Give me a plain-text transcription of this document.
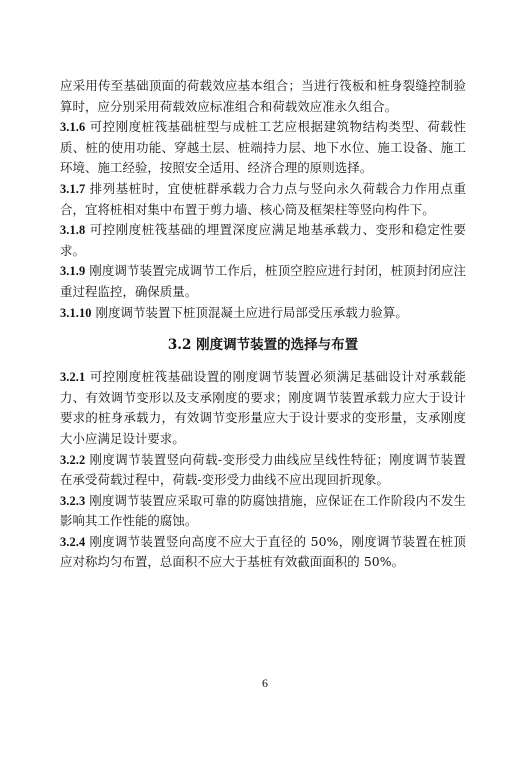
应采用传至基础顶面的荷载效应基本组合；当进行筏板和桩身裂缝控制验算时，应分别采用荷载效应标准组合和荷载效应准永久组合。

3.1.6 可控刚度桩筏基础桩型与成桩工艺应根据建筑物结构类型、荷载性质、桩的使用功能、穿越土层、桩端持力层、地下水位、施工设备、施工环境、施工经验，按照安全适用、经济合理的原则选择。

3.1.7 排列基桩时，宜使桩群承载力合力点与竖向永久荷载合力作用点重合，宜将桩相对集中布置于剪力墙、核心筒及框架柱等竖向构件下。

3.1.8 可控刚度桩筏基础的埋置深度应满足地基承载力、变形和稳定性要求。

3.1.9 刚度调节装置完成调节工作后，桩顶空腔应进行封闭，桩顶封闭应注重过程监控，确保质量。

3.1.10 刚度调节装置下桩顶混凝土应进行局部受压承载力验算。

3.2 刚度调节装置的选择与布置

3.2.1 可控刚度桩筏基础设置的刚度调节装置必须满足基础设计对承载能力、有效调节变形以及支承刚度的要求；刚度调节装置承载力应大于设计要求的桩身承载力，有效调节变形量应大于设计要求的变形量，支承刚度大小应满足设计要求。

3.2.2 刚度调节装置竖向荷载-变形受力曲线应呈线性特征；刚度调节装置在承受荷载过程中，荷载-变形受力曲线不应出现回折现象。

3.2.3 刚度调节装置应采取可靠的防腐蚀措施，应保证在工作阶段内不发生影响其工作性能的腐蚀。

3.2.4 刚度调节装置竖向高度不应大于直径的 50%，刚度调节装置在桩顶应对称均匀布置，总面积不应大于基桩有效截面面积的 50%。

6
